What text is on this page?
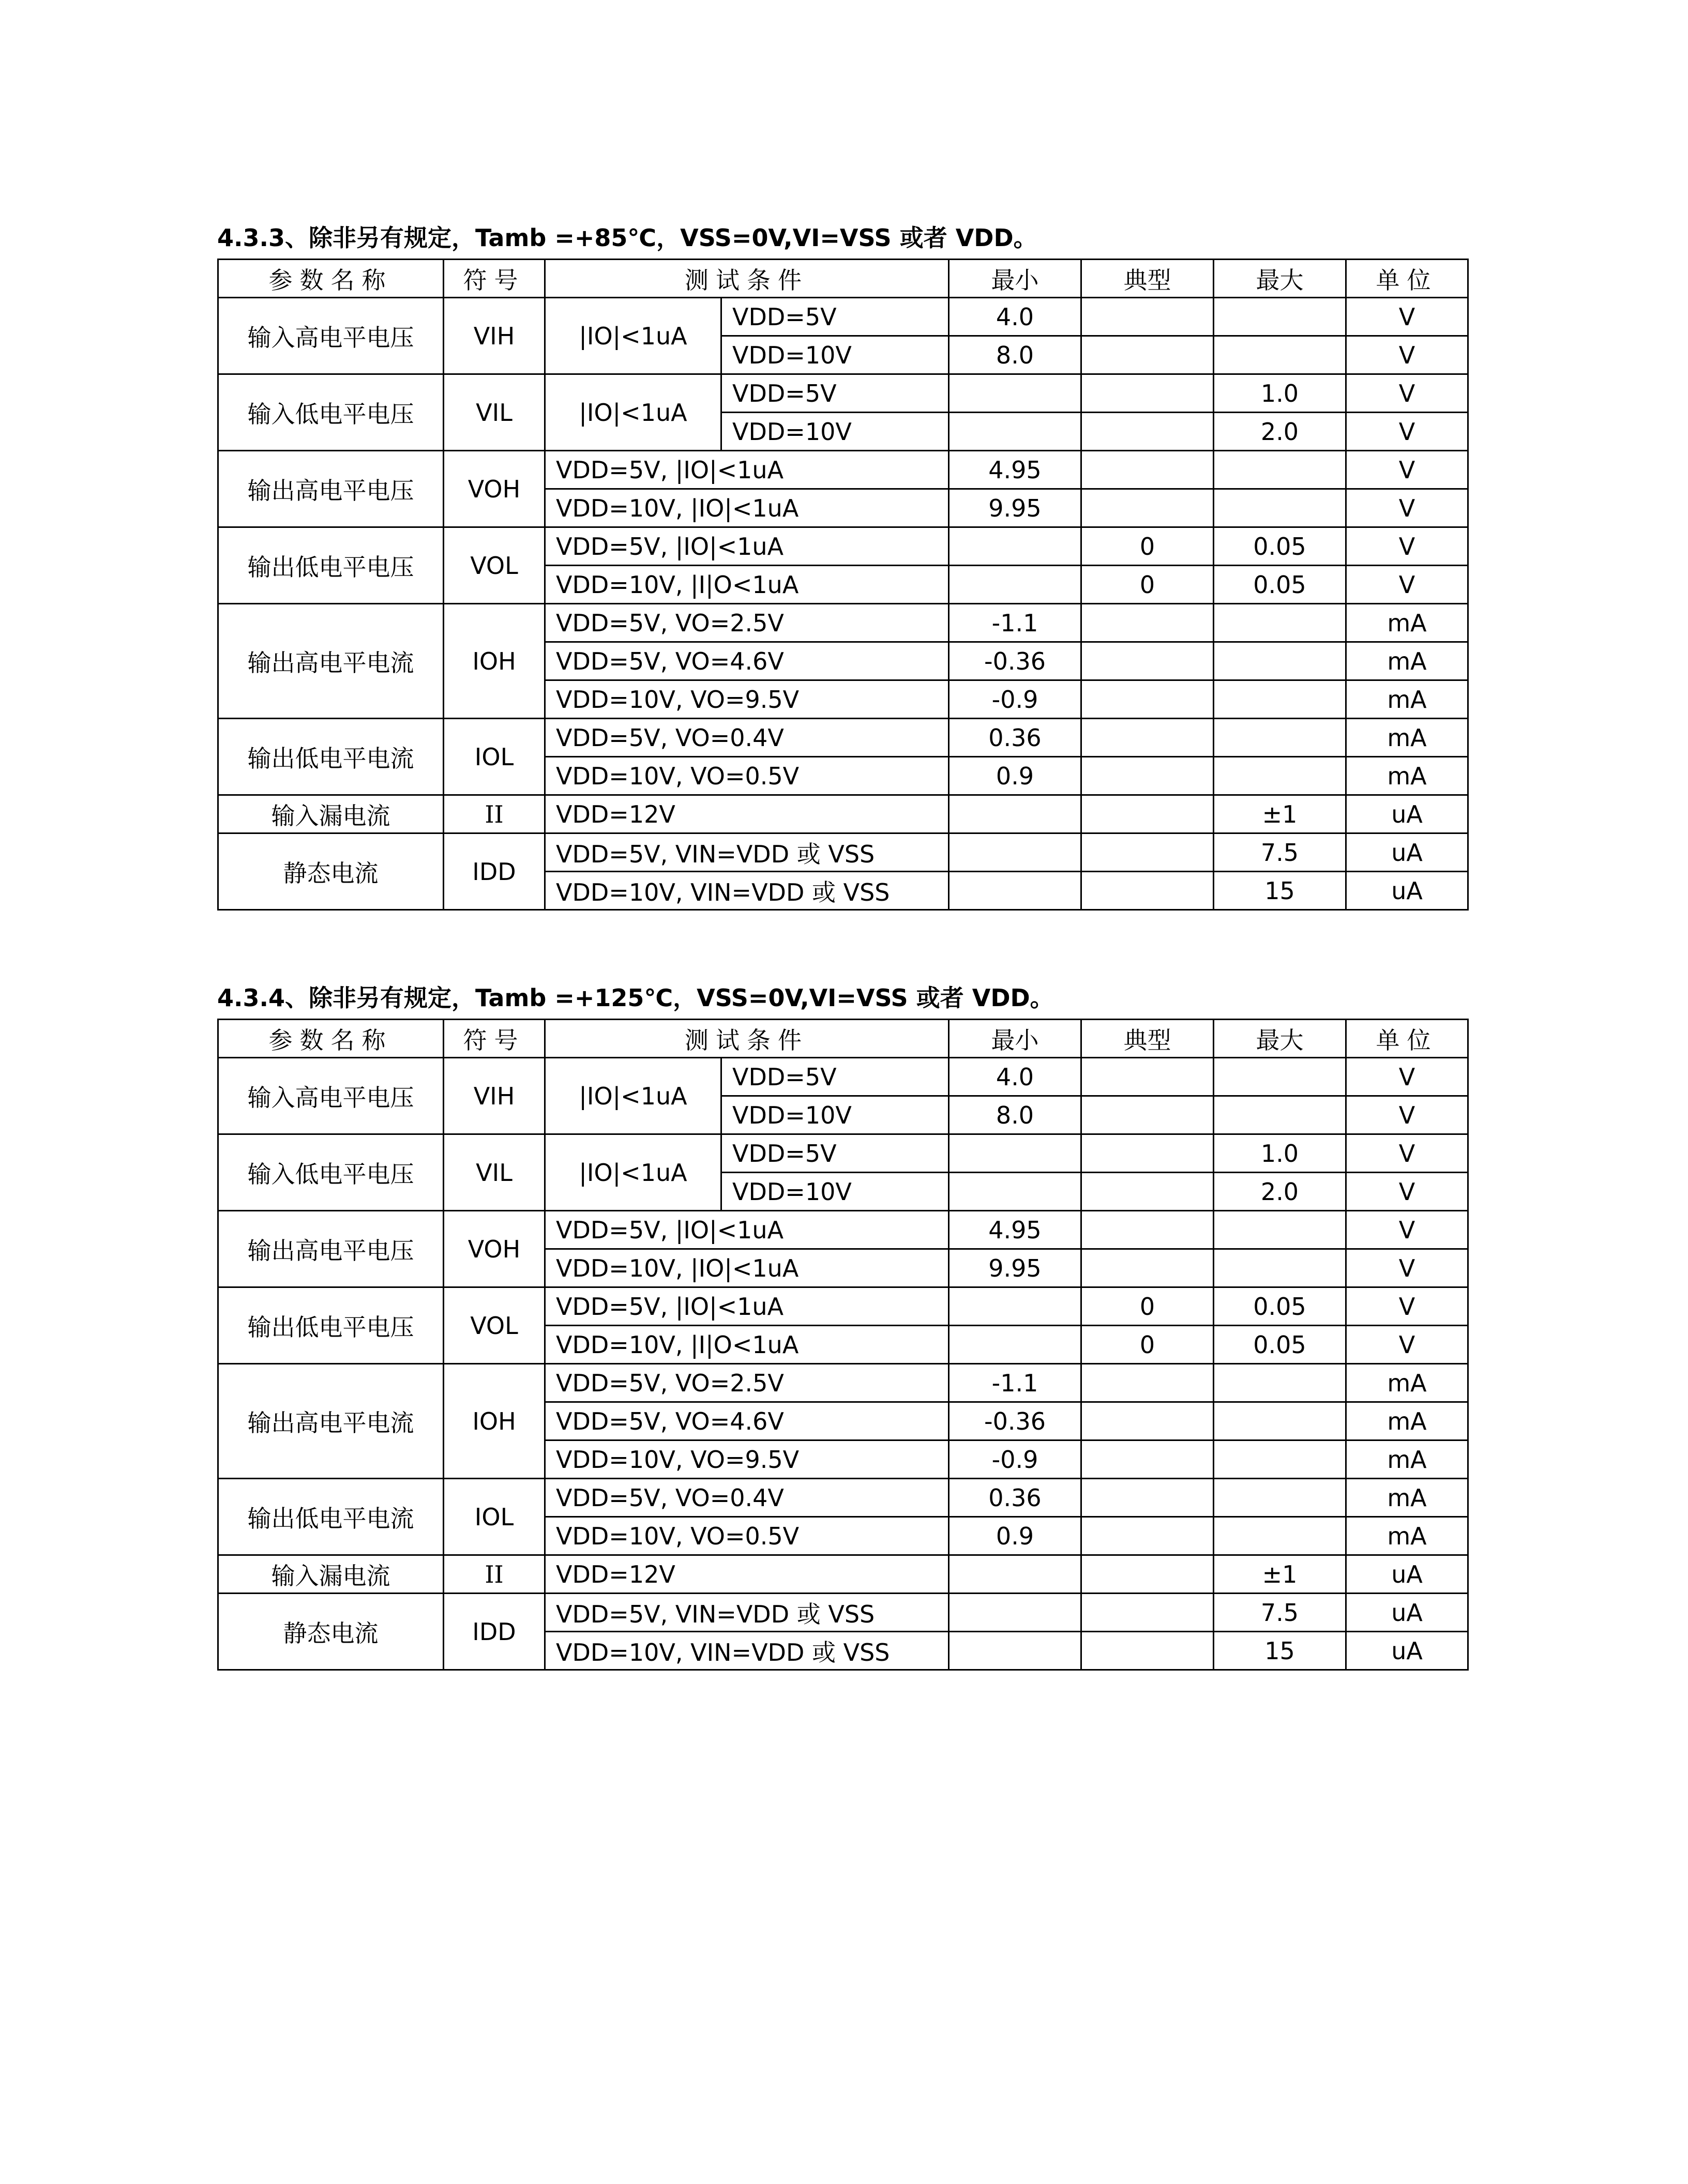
4.3.3、除非另有规定，Tamb =+85℃，VSS=0V,VI=VSS 或者 VDD。
参数名称	符号	测试条件		最小	典型	最大	单位
输入高电平电压	VIH	|IO|<1uA	VDD=5V	4.0			V
			VDD=10V	8.0			V
输入低电平电压	VIL	|IO|<1uA	VDD=5V			1.0	V
			VDD=10V			2.0	V
输出高电平电压	VOH	VDD=5V, |IO|<1uA		4.95			V
		VDD=10V, |IO|<1uA		9.95			V
输出低电平电压	VOL	VDD=5V, |IO|<1uA			0	0.05	V
		VDD=10V, |I|O<1uA			0	0.05	V
输出高电平电流	IOH	VDD=5V, VO=2.5V		-1.1			mA
		VDD=5V, VO=4.6V		-0.36			mA
		VDD=10V, VO=9.5V		-0.9			mA
输出低电平电流	IOL	VDD=5V, VO=0.4V		0.36			mA
		VDD=10V, VO=0.5V		0.9			mA
输入漏电流	II	VDD=12V				±1	uA
静态电流	IDD	VDD=5V, VIN=VDD 或 VSS				7.5	uA
		VDD=10V, VIN=VDD 或 VSS				15	uA
4.3.4、除非另有规定，Tamb =+125℃，VSS=0V,VI=VSS 或者 VDD。
参数名称	符号	测试条件		最小	典型	最大	单位
输入高电平电压	VIH	|IO|<1uA	VDD=5V	4.0			V
			VDD=10V	8.0			V
输入低电平电压	VIL	|IO|<1uA	VDD=5V			1.0	V
			VDD=10V			2.0	V
输出高电平电压	VOH	VDD=5V, |IO|<1uA		4.95			V
		VDD=10V, |IO|<1uA		9.95			V
输出低电平电压	VOL	VDD=5V, |IO|<1uA			0	0.05	V
		VDD=10V, |I|O<1uA			0	0.05	V
输出高电平电流	IOH	VDD=5V, VO=2.5V		-1.1			mA
		VDD=5V, VO=4.6V		-0.36			mA
		VDD=10V, VO=9.5V		-0.9			mA
输出低电平电流	IOL	VDD=5V, VO=0.4V		0.36			mA
		VDD=10V, VO=0.5V		0.9			mA
输入漏电流	II	VDD=12V				±1	uA
静态电流	IDD	VDD=5V, VIN=VDD 或 VSS				7.5	uA
		VDD=10V, VIN=VDD 或 VSS				15	uA
